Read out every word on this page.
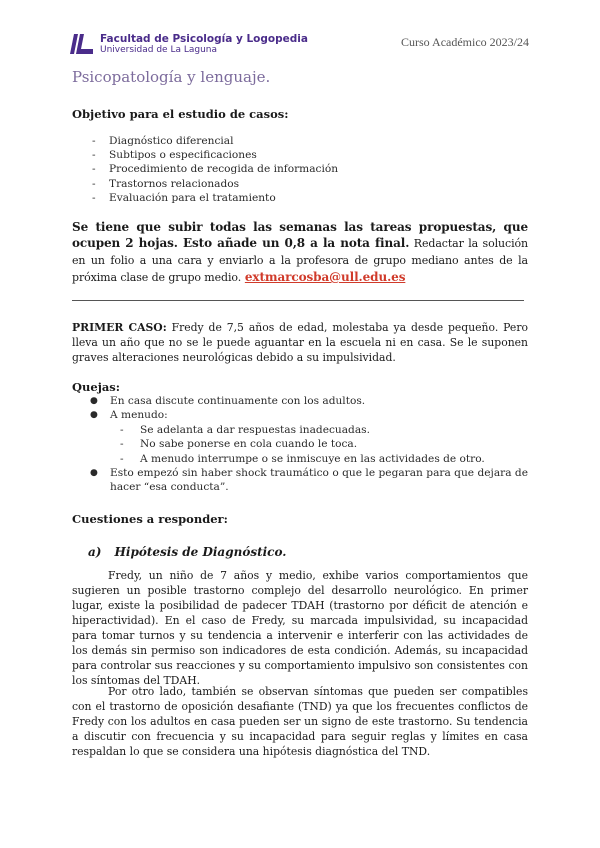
Facultad de Psicología y Logopedia
Universidad de La Laguna
Curso Académico 2023/24
Psicopatología y lenguaje.
Objetivo para el estudio de casos:
- Diagnóstico diferencial
- Subtipos o especificaciones
- Procedimiento de recogida de información
- Trastornos relacionados
- Evaluación para el tratamiento
Se tiene que subir todas las semanas las tareas propuestas, que ocupen 2 hojas. Esto añade un 0,8 a la nota final. Redactar la solución en un folio a una cara y enviarlo a la profesora de grupo mediano antes de la próxima clase de grupo medio. extmarcosba@ull.edu.es
PRIMER CASO: Fredy de 7,5 años de edad, molestaba ya desde pequeño. Pero lleva un año que no se le puede aguantar en la escuela ni en casa. Se le suponen graves alteraciones neurológicas debido a su impulsividad.
Quejas:
● En casa discute continuamente con los adultos.
● A menudo:
- Se adelanta a dar respuestas inadecuadas.
- No sabe ponerse en cola cuando le toca.
- A menudo interrumpe o se inmiscuye en las actividades de otro.
● Esto empezó sin haber shock traumático o que le pegaran para que dejara de hacer “esa conducta”.
Cuestiones a responder:
a) Hipótesis de Diagnóstico.
Fredy, un niño de 7 años y medio, exhibe varios comportamientos que sugieren un posible trastorno complejo del desarrollo neurológico. En primer lugar, existe la posibilidad de padecer TDAH (trastorno por déficit de atención e hiperactividad). En el caso de Fredy, su marcada impulsividad, su incapacidad para tomar turnos y su tendencia a intervenir e interferir con las actividades de los demás sin permiso son indicadores de esta condición. Además, su incapacidad para controlar sus reacciones y su comportamiento impulsivo son consistentes con los síntomas del TDAH.
Por otro lado, también se observan síntomas que pueden ser compatibles con el trastorno de oposición desafiante (TND) ya que los frecuentes conflictos de Fredy con los adultos en casa pueden ser un signo de este trastorno. Su tendencia a discutir con frecuencia y su incapacidad para seguir reglas y límites en casa respaldan lo que se considera una hipótesis diagnóstica del TND.
